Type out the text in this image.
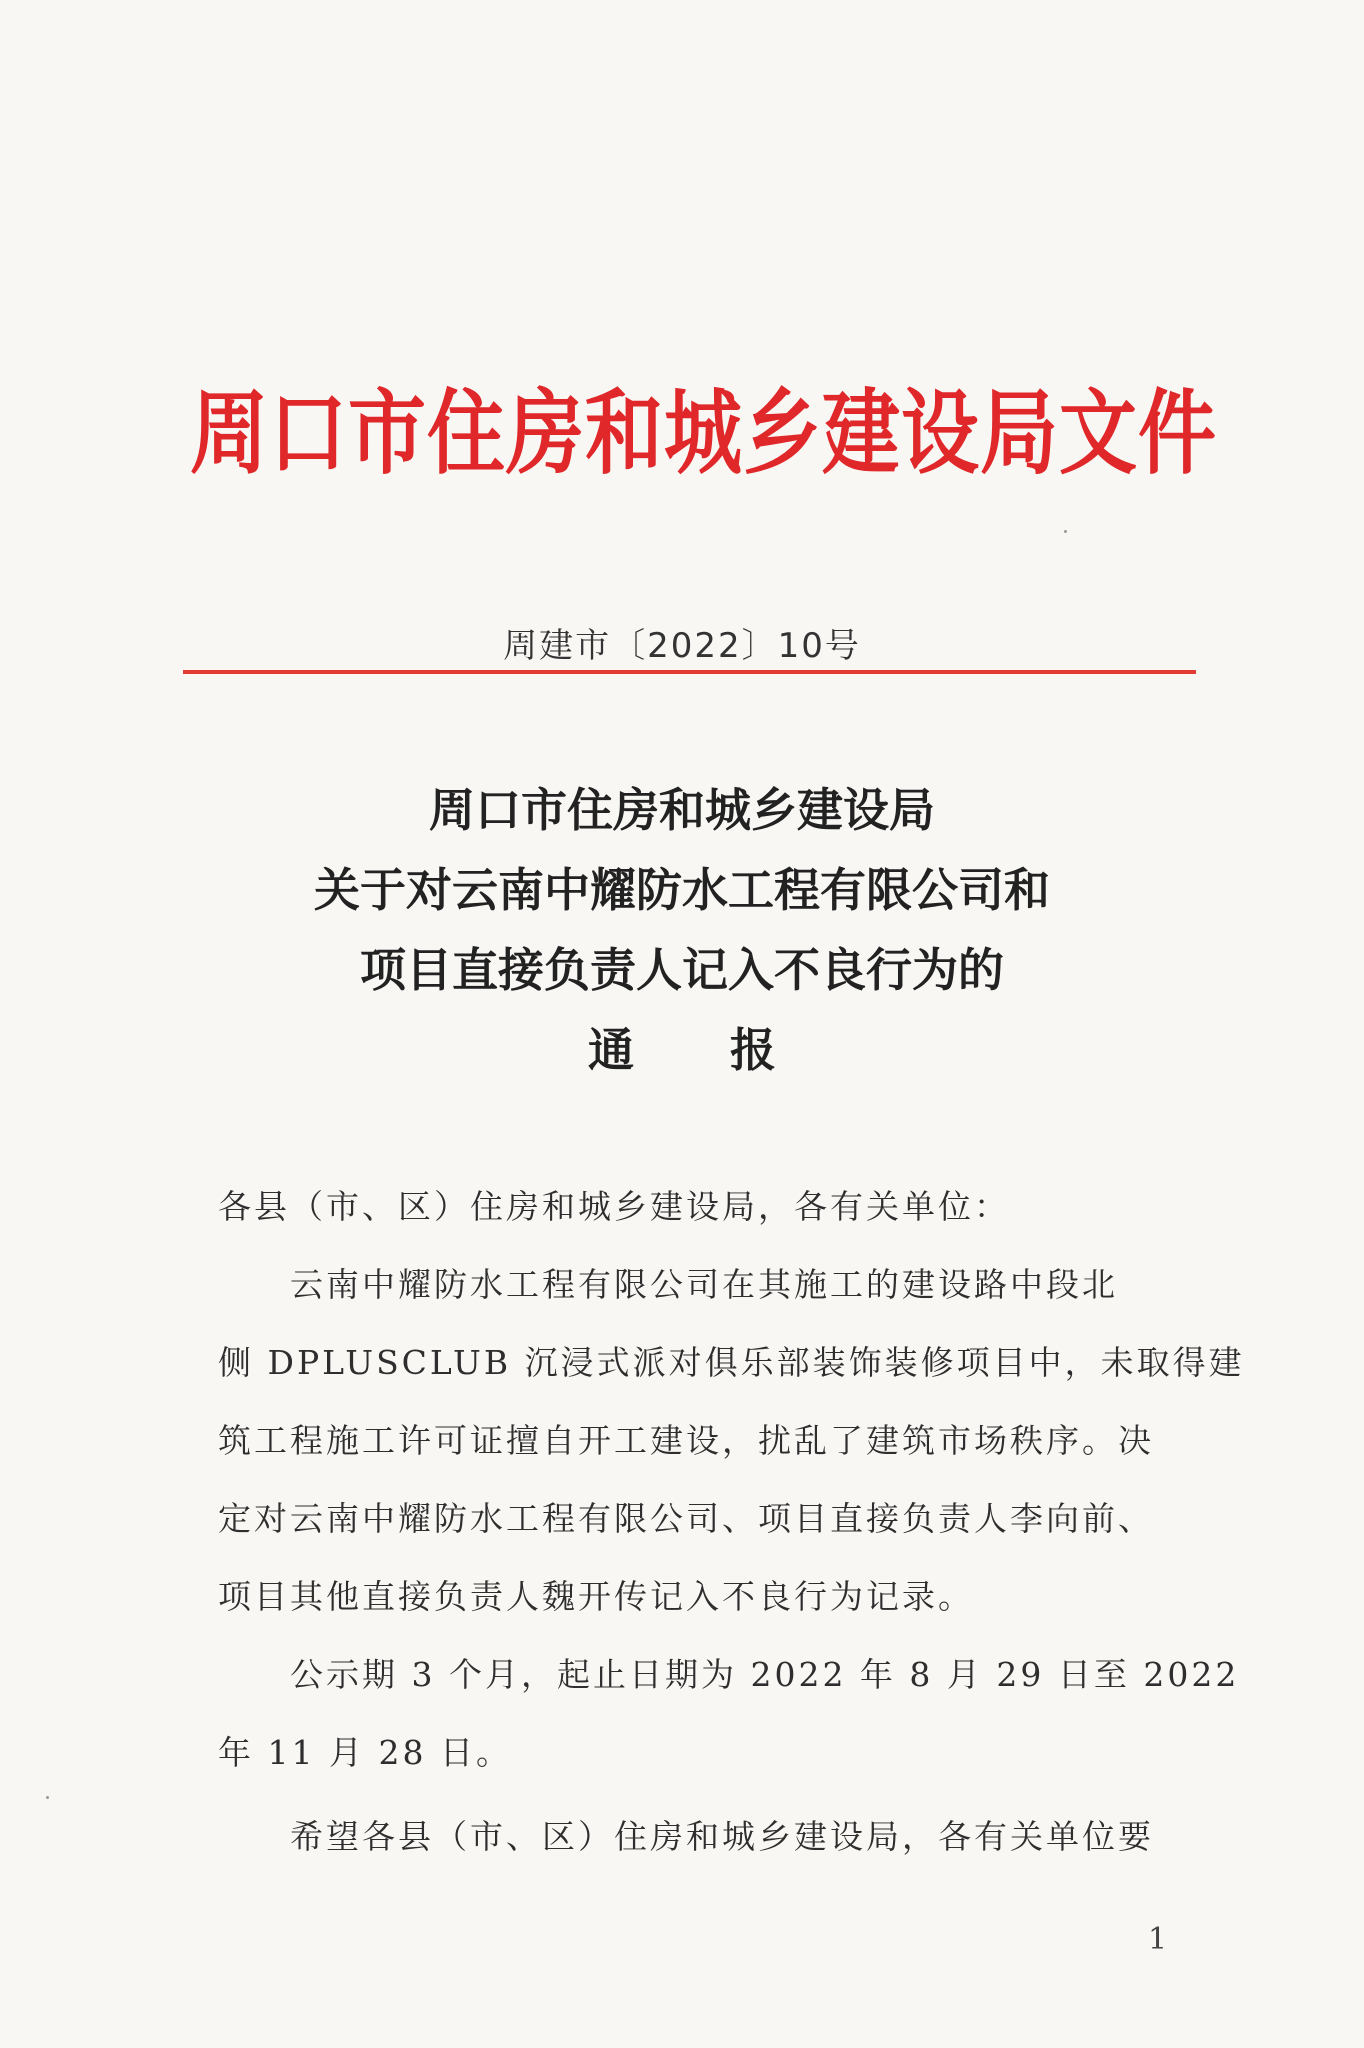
周口市住房和城乡建设局文件
周建市〔2022〕10号
周口市住房和城乡建设局
关于对云南中耀防水工程有限公司和
项目直接负责人记入不良行为的
通 报
各县（市、区）住房和城乡建设局，各有关单位：
云南中耀防水工程有限公司在其施工的建设路中段北
侧 DPLUSCLUB 沉浸式派对俱乐部装饰装修项目中，未取得建
筑工程施工许可证擅自开工建设，扰乱了建筑市场秩序。决
定对云南中耀防水工程有限公司、项目直接负责人李向前、
项目其他直接负责人魏开传记入不良行为记录。
公示期 3 个月，起止日期为 2022 年 8 月 29 日至 2022
年 11 月 28 日。
希望各县（市、区）住房和城乡建设局，各有关单位要
1
